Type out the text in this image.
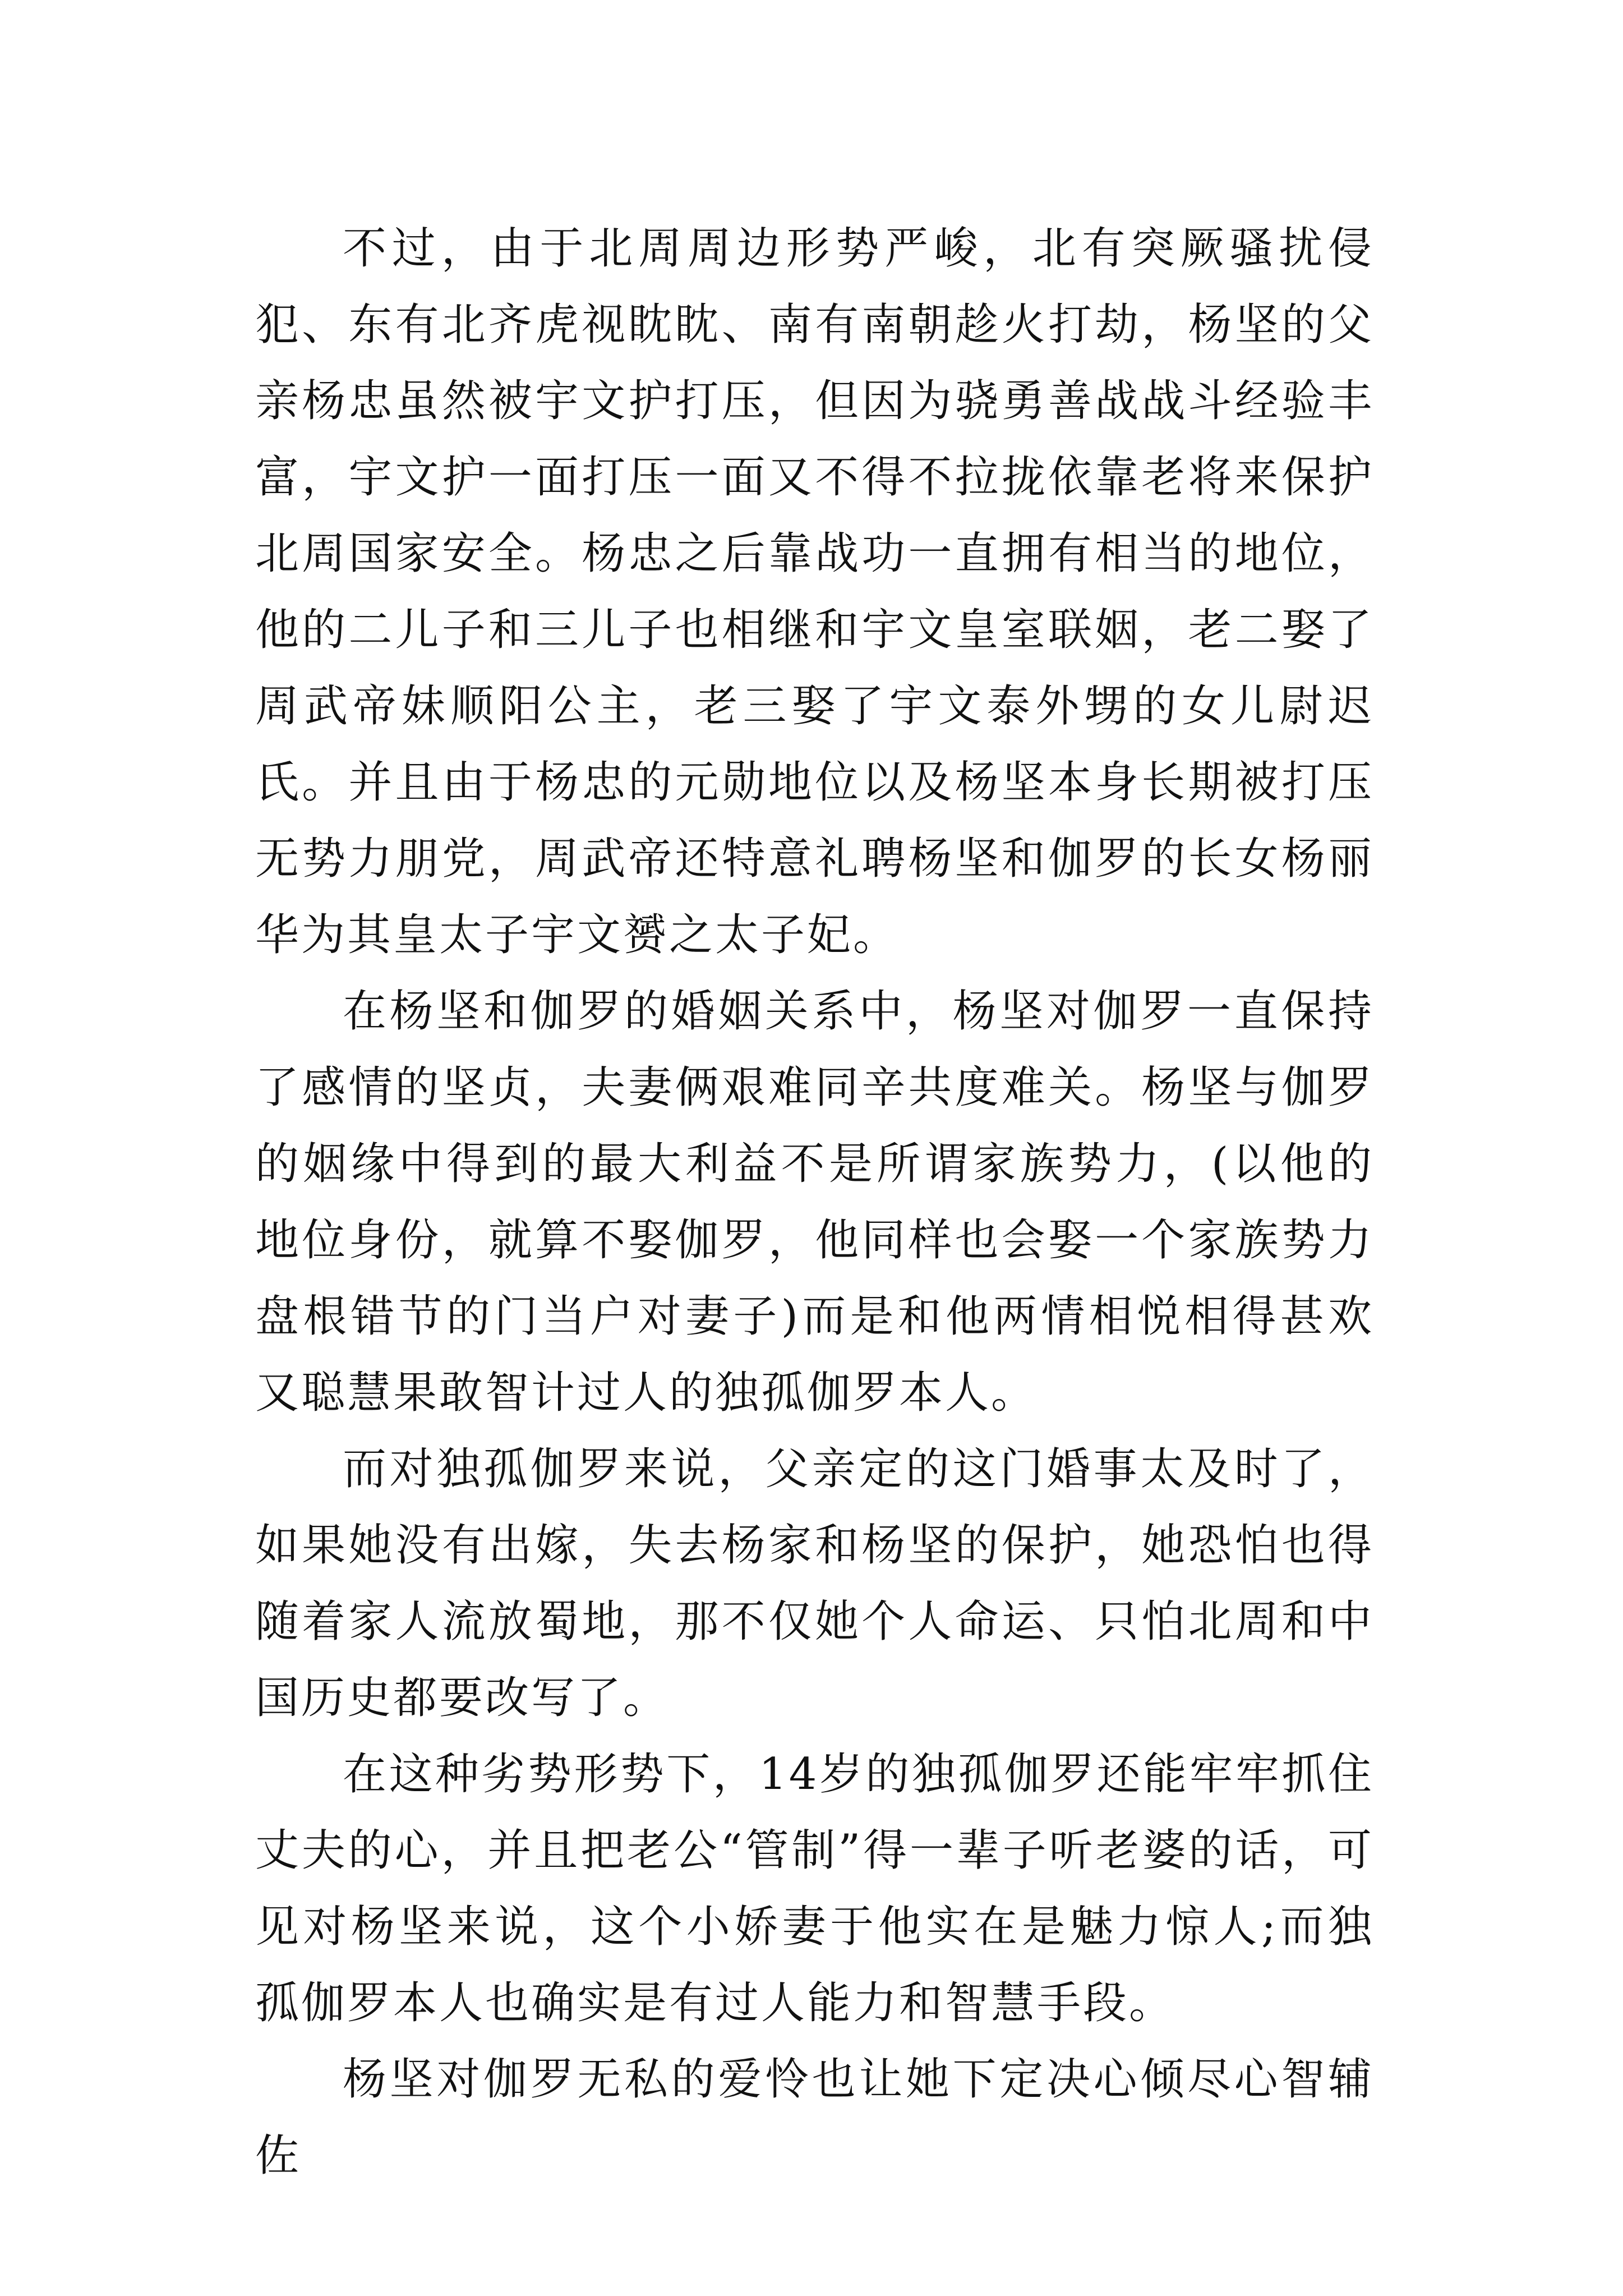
不过，由于北周周边形势严峻，北有突厥骚扰侵犯、东有北齐虎视眈眈、南有南朝趁火打劫，杨坚的父亲杨忠虽然被宇文护打压，但因为骁勇善战战斗经验丰富，宇文护一面打压一面又不得不拉拢依靠老将来保护北周国家安全。杨忠之后靠战功一直拥有相当的地位，他的二儿子和三儿子也相继和宇文皇室联姻，老二娶了周武帝妹顺阳公主，老三娶了宇文泰外甥的女儿尉迟氏。并且由于杨忠的元勋地位以及杨坚本身长期被打压无势力朋党，周武帝还特意礼聘杨坚和伽罗的长女杨丽华为其皇太子宇文赟之太子妃。

在杨坚和伽罗的婚姻关系中，杨坚对伽罗一直保持了感情的坚贞，夫妻俩艰难同辛共度难关。杨坚与伽罗的姻缘中得到的最大利益不是所谓家族势力，(以他的地位身份，就算不娶伽罗，他同样也会娶一个家族势力盘根错节的门当户对妻子)而是和他两情相悦相得甚欢又聪慧果敢智计过人的独孤伽罗本人。

而对独孤伽罗来说，父亲定的这门婚事太及时了，如果她没有出嫁，失去杨家和杨坚的保护，她恐怕也得随着家人流放蜀地，那不仅她个人命运、只怕北周和中国历史都要改写了。

在这种劣势形势下，14岁的独孤伽罗还能牢牢抓住丈夫的心，并且把老公“管制”得一辈子听老婆的话，可见对杨坚来说，这个小娇妻于他实在是魅力惊人;而独孤伽罗本人也确实是有过人能力和智慧手段。

杨坚对伽罗无私的爱怜也让她下定决心倾尽心智辅佐
